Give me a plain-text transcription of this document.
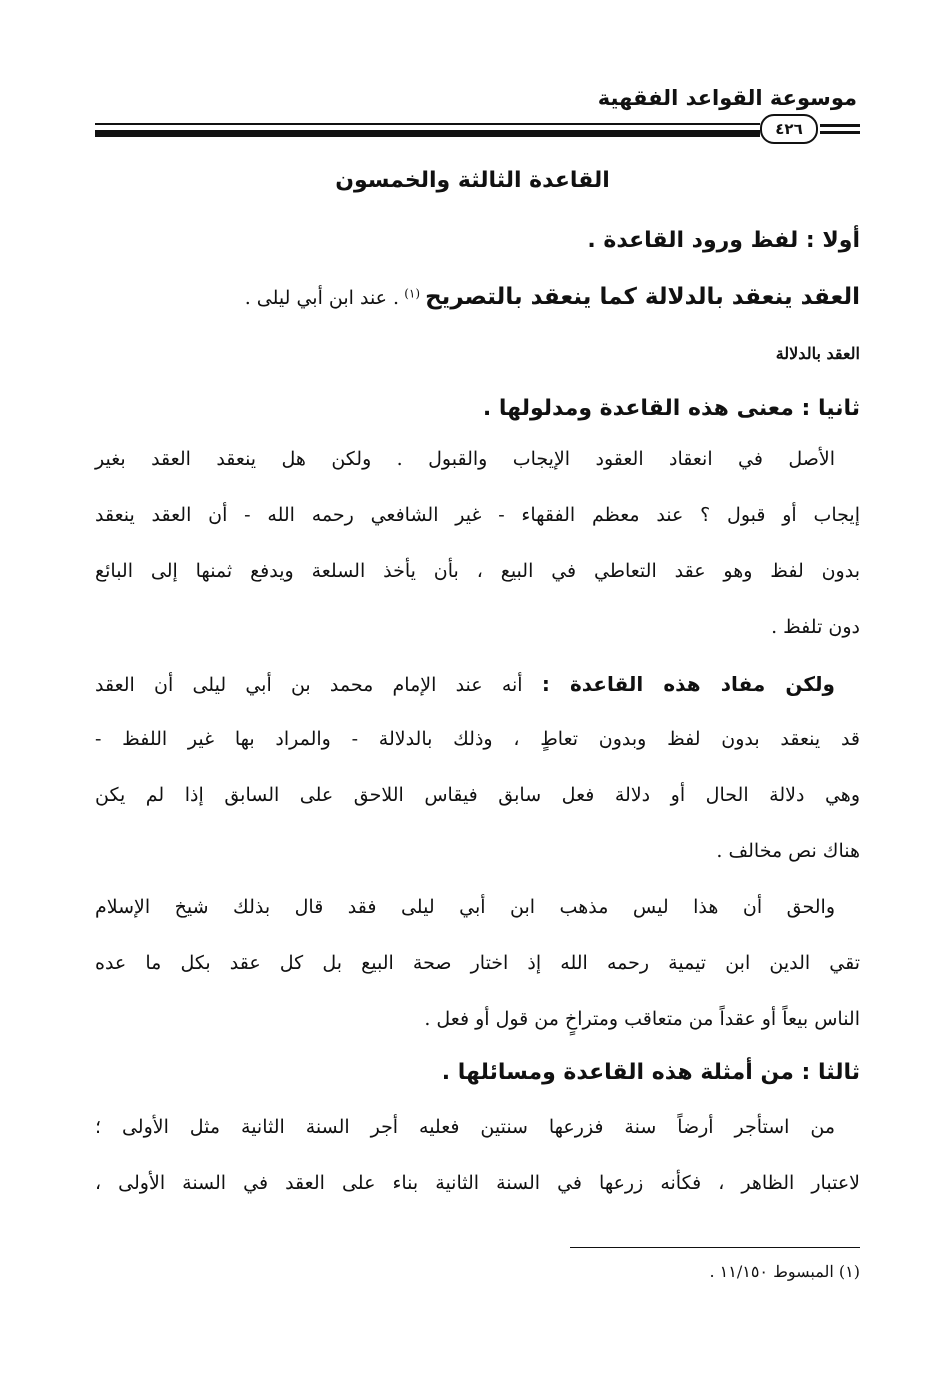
موسوعة القواعد الفقهية
٤٢٦
القاعدة الثالثة والخمسون
أولا : لفظ ورود القاعدة .
العقد ينعقد بالدلالة كما ينعقد بالتصريح $^{(١)}$ . عند ابن أبي ليلى .
العقد بالدلالة
ثانيا : معنى هذه القاعدة ومدلولها .
الأصل في انعقاد العقود الإيجاب والقبول . ولكن هل ينعقد العقد بغير
إيجاب أو قبول ؟ عند معظم الفقهاء - غير الشافعي رحمه الله - أن العقد ينعقد
بدون لفظ وهو عقد التعاطي في البيع ، بأن يأخذ السلعة ويدفع ثمنها إلى البائع
دون تلفظ .
ولكن مفاد هذه القاعدة : أنه عند الإمام محمد بن أبي ليلى أن العقد
قد ينعقد بدون لفظ وبدون تعاطٍ ، وذلك بالدلالة - والمراد بها غير اللفظ -
وهي دلالة الحال أو دلالة فعل سابق فيقاس اللاحق على السابق إذا لم يكن
هناك نص مخالف .
والحق أن هذا ليس مذهب ابن أبي ليلى فقد قال بذلك شيخ الإسلام
تقي الدين ابن تيمية رحمه الله إذ اختار صحة البيع بل كل عقد بكل ما عده
الناس بيعاً أو عقداً من متعاقب ومتراخٍ من قول أو فعل .
ثالثا : من أمثلة هذه القاعدة ومسائلها .
من استأجر أرضاً سنة فزرعها سنتين فعليه أجر السنة الثانية مثل الأولى ؛
لاعتبار الظاهر ، فكأنه زرعها في السنة الثانية بناء على العقد في السنة الأولى ،
(١) المبسوط ١١/١٥٠ .
